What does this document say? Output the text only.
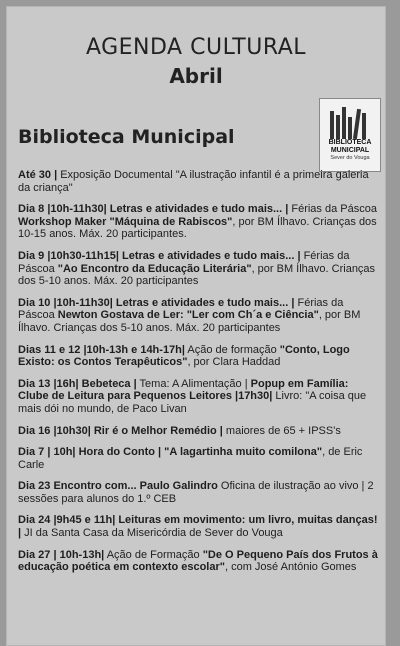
AGENDA CULTURAL
Abril
Biblioteca Municipal	BIBLIOTECA
MUNICIPAL
Sever do Vouga
Até 30 | Exposição Documental "A ilustração infantil é a primeira galeria da criança"
Dia 8 |10h-11h30| Letras e atividades e tudo mais... | Férias da Páscoa Workshop Maker "Máquina de Rabiscos", por BM Ílhavo. Crianças dos 10-15 anos. Máx. 20 participantes.
Dia 9 |10h30-11h15| Letras e atividades e tudo mais... | Férias da Páscoa "Ao Encontro da Educação Literária", por BM Ílhavo. Crianças dos 5-10 anos. Máx. 20 participantes
Dia 10 |10h-11h30| Letras e atividades e tudo mais... | Férias da Páscoa Newton Gostava de Ler: "Ler com Ch´a e Ciência", por BM Ílhavo. Crianças dos 5-10 anos. Máx. 20 participantes
Dias 11 e 12 |10h-13h e 14h-17h| Ação de formação "Conto, Logo Existo: os Contos Terapêuticos", por Clara Haddad
Dia 13 |16h| Bebeteca | Tema: A Alimentação | Popup em Família: Clube de Leitura para Pequenos Leitores |17h30| Livro: "A coisa que mais dói no mundo, de Paco Livan
Dia 16 |10h30| Rir é o Melhor Remédio | maiores de 65 + IPSS's
Dia 7 | 10h| Hora do Conto | "A lagartinha muito comilona", de Eric Carle
Dia 23 Encontro com... Paulo Galindro Oficina de ilustração ao vivo | 2 sessões para alunos do 1.º CEB
Dia 24 |9h45 e 11h| Leituras em movimento: um livro, muitas danças! | JI da Santa Casa da Misericórdia de Sever do Vouga
Dia 27 | 10h-13h| Ação de Formação "De O Pequeno País dos Frutos à educação poética em contexto escolar", com José António Gomes
